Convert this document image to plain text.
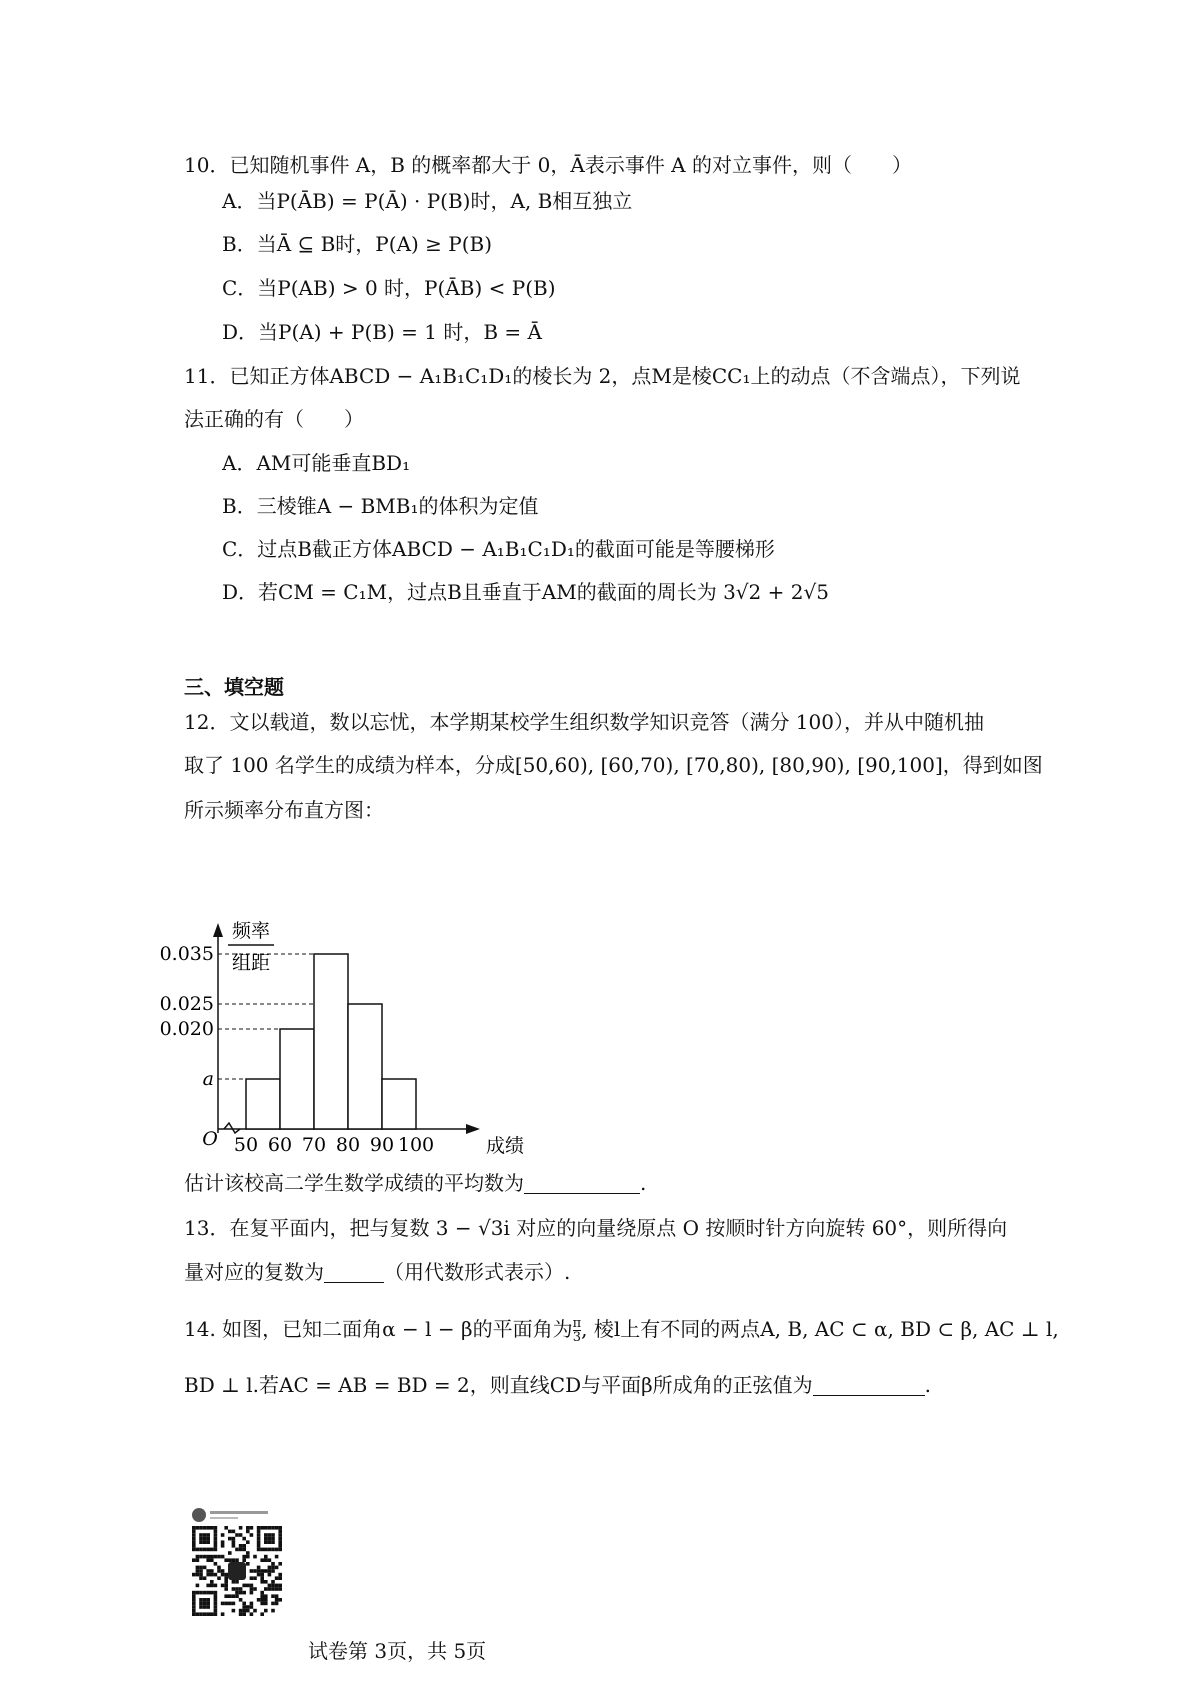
10．已知随机事件 A，B 的概率都大于 0，Ā表示事件 A 的对立事件，则（　　）
A．当P(ĀB) = P(Ā) · P(B)时，A, B相互独立
B．当Ā ⊆ B时，P(A) ≥ P(B)
C．当P(AB) > 0 时，P(ĀB) < P(B)
D．当P(A) + P(B) = 1 时，B = Ā
11．已知正方体ABCD − A₁B₁C₁D₁的棱长为 2，点M是棱CC₁上的动点（不含端点），下列说
法正确的有（　　）
A．AM可能垂直BD₁
B．三棱锥A − BMB₁的体积为定值
C．过点B截正方体ABCD − A₁B₁C₁D₁的截面可能是等腰梯形
D．若CM = C₁M，过点B且垂直于AM的截面的周长为 3√2 + 2√5
三、填空题
12．文以载道，数以忘忧，本学期某校学生组织数学知识竞答（满分 100），并从中随机抽
取了 100 名学生的成绩为样本，分成[50,60), [60,70), [70,80), [80,90), [90,100]，得到如图
所示频率分布直方图：
频率
组距
O	成绩
a
0.020
0.025
0.035
50 60 70 80 90 100
估计该校高二学生数学成绩的平均数为	.
13．在复平面内，把与复数 3 − √3i 对应的向量绕原点 O 按顺时针方向旋转 60°，则所得向
量对应的复数为	（用代数形式表示）.
14. 如图，已知二面角α − l − β的平面角为 $\frac{\pi}{3}$ , 棱l上有不同的两点A, B, AC ⊂ α, BD ⊂ β, AC ⊥ l,
BD ⊥ l.若AC = AB = BD = 2，则直线CD与平面β所成角的正弦值为	.
试卷第 3页，共 5页
